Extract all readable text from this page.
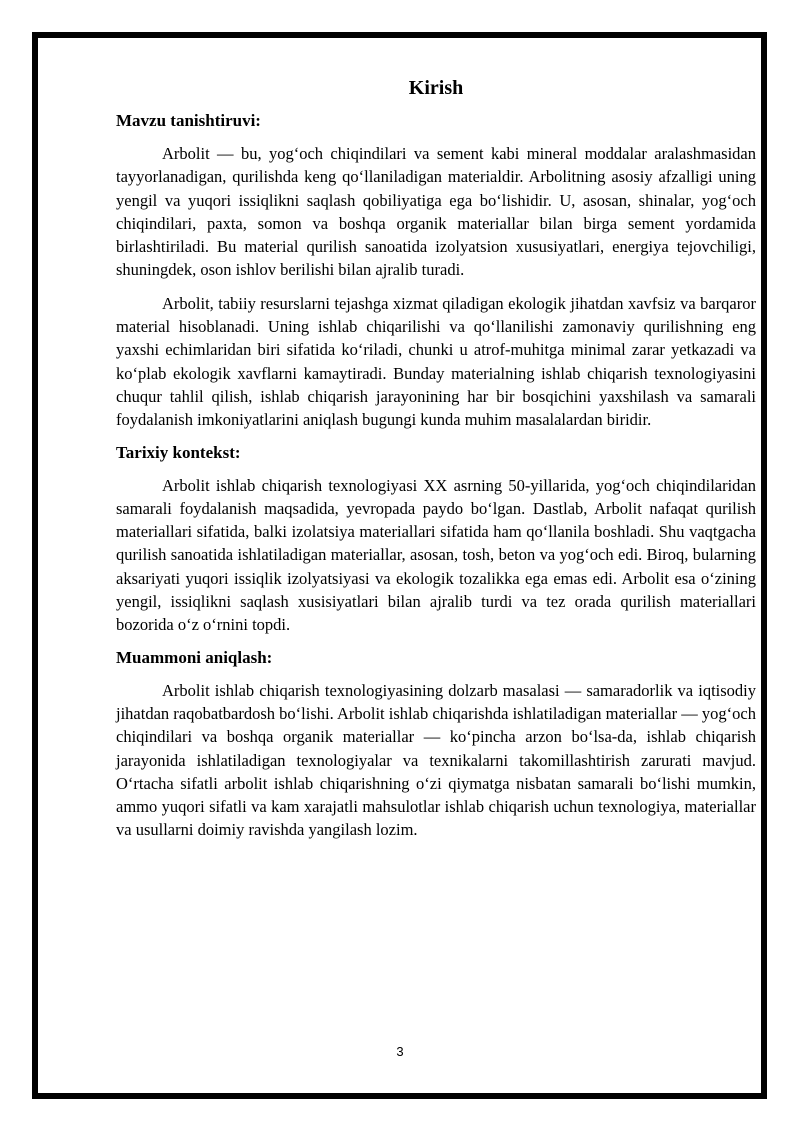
Kirish
Mavzu tanishtiruvi:

Arbolit — bu, yog‘och chiqindilari va sement kabi mineral moddalar aralashmasidan tayyorlanadigan, qurilishda keng qo‘llaniladigan materialdir. Arbolitning asosiy afzalligi uning yengil va yuqori issiqlikni saqlash qobiliyatiga ega bo‘lishidir. U, asosan, shinalar, yog‘och chiqindilari, paxta, somon va boshqa organik materiallar bilan birga sement yordamida birlashtiriladi. Bu material qurilish sanoatida izolyatsion xususiyatlari, energiya tejovchiligi, shuningdek, oson ishlov berilishi bilan ajralib turadi.

Arbolit, tabiiy resurslarni tejashga xizmat qiladigan ekologik jihatdan xavfsiz va barqaror material hisoblanadi. Uning ishlab chiqarilishi va qo‘llanilishi zamonaviy qurilishning eng yaxshi echimlaridan biri sifatida ko‘riladi, chunki u atrof-muhitga minimal zarar yetkazadi va ko‘plab ekologik xavflarni kamaytiradi. Bunday materialning ishlab chiqarish texnologiyasini chuqur tahlil qilish, ishlab chiqarish jarayonining har bir bosqichini yaxshilash va samarali foydalanish imkoniyatlarini aniqlash bugungi kunda muhim masalalardan biridir.

Tarixiy kontekst:

Arbolit ishlab chiqarish texnologiyasi XX asrning 50-yillarida, yog‘och chiqindilaridan samarali foydalanish maqsadida, yevropada paydo bo‘lgan. Dastlab, Arbolit nafaqat qurilish materiallari sifatida, balki izolatsiya materiallari sifatida ham qo‘llanila boshladi. Shu vaqtgacha qurilish sanoatida ishlatiladigan materiallar, asosan, tosh, beton va yog‘och edi. Biroq, bularning aksariyati yuqori issiqlik izolyatsiyasi va ekologik tozalikka ega emas edi. Arbolit esa o‘zining yengil, issiqlikni saqlash xusisiyatlari bilan ajralib turdi va tez orada qurilish materiallari bozorida o‘z o‘rnini topdi.

Muammoni aniqlash:

Arbolit ishlab chiqarish texnologiyasining dolzarb masalasi — samaradorlik va iqtisodiy jihatdan raqobatbardosh bo‘lishi. Arbolit ishlab chiqarishda ishlatiladigan materiallar — yog‘och chiqindilari va boshqa organik materiallar — ko‘pincha arzon bo‘lsa-da, ishlab chiqarish jarayonida ishlatiladigan texnologiyalar va texnikalarni takomillashtirish zarurati mavjud. O‘rtacha sifatli arbolit ishlab chiqarishning o‘zi qiymatga nisbatan samarali bo‘lishi mumkin, ammo yuqori sifatli va kam xarajatli mahsulotlar ishlab chiqarish uchun texnologiya, materiallar va usullarni doimiy ravishda yangilash lozim.

3
